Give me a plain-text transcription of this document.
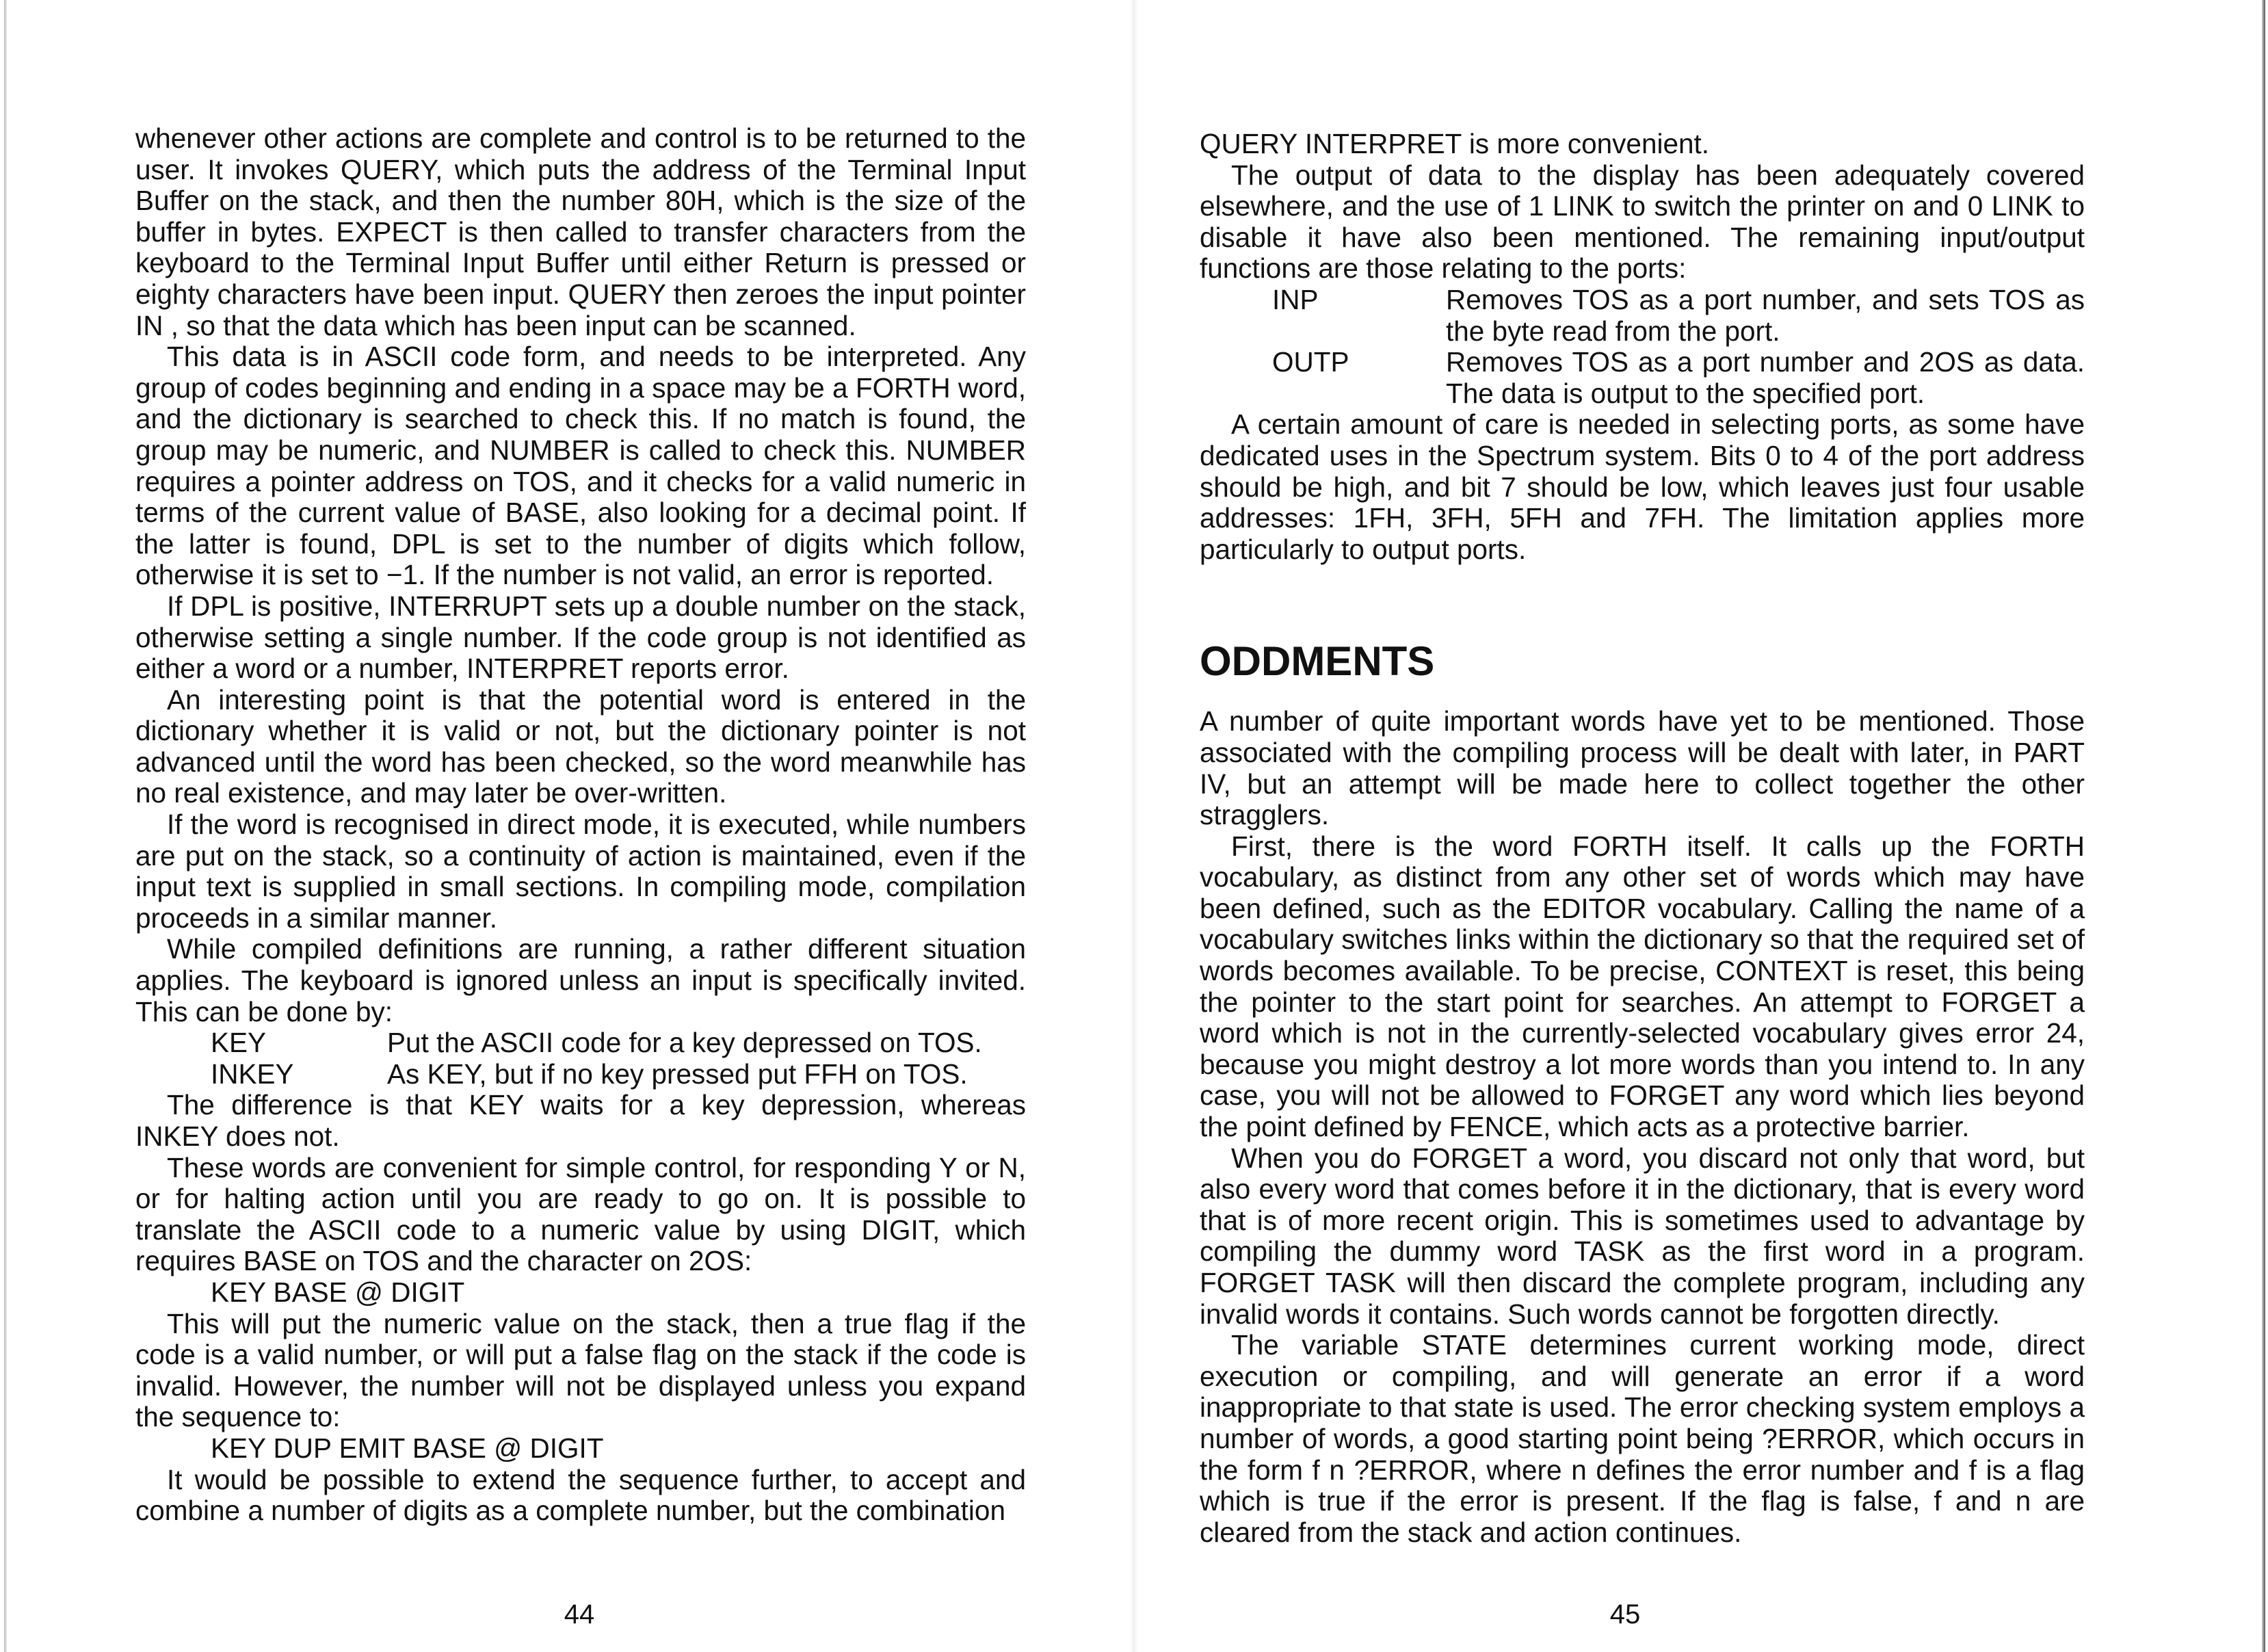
whenever other actions are complete and control is to be returned to the user. It invokes QUERY, which puts the address of the Terminal Input Buffer on the stack, and then the number 80H, which is the size of the buffer in bytes. EXPECT is then called to transfer characters from the keyboard to the Terminal Input Buffer until either Return is pressed or eighty characters have been input. QUERY then zeroes the input pointer IN , so that the data which has been input can be scanned.

This data is in ASCII code form, and needs to be interpreted. Any group of codes beginning and ending in a space may be a FORTH word, and the dictionary is searched to check this. If no match is found, the group may be numeric, and NUMBER is called to check this. NUMBER requires a pointer address on TOS, and it checks for a valid numeric in terms of the current value of BASE, also looking for a decimal point. If the latter is found, DPL is set to the number of digits which follow, otherwise it is set to −1. If the number is not valid, an error is reported.

If DPL is positive, INTERRUPT sets up a double number on the stack, otherwise setting a single number. If the code group is not identified as either a word or a number, INTERPRET reports error.

An interesting point is that the potential word is entered in the dictionary whether it is valid or not, but the dictionary pointer is not advanced until the word has been checked, so the word meanwhile has no real existence, and may later be over-written.

If the word is recognised in direct mode, it is executed, while numbers are put on the stack, so a continuity of action is maintained, even if the input text is supplied in small sections. In compiling mode, compilation proceeds in a similar manner.

While compiled definitions are running, a rather different situation applies. The keyboard is ignored unless an input is specifically invited. This can be done by:

KEY	Put the ASCII code for a key depressed on TOS.
INKEY	As KEY, but if no key pressed put FFH on TOS.

The difference is that KEY waits for a key depression, whereas INKEY does not.

These words are convenient for simple control, for responding Y or N, or for halting action until you are ready to go on. It is possible to translate the ASCII code to a numeric value by using DIGIT, which requires BASE on TOS and the character on 2OS:

KEY BASE @ DIGIT

This will put the numeric value on the stack, then a true flag if the code is a valid number, or will put a false flag on the stack if the code is invalid. However, the number will not be displayed unless you expand the sequence to:

KEY DUP EMIT BASE @ DIGIT

It would be possible to extend the sequence further, to accept and combine a number of digits as a complete number, but the combination

44

QUERY INTERPRET is more convenient.

The output of data to the display has been adequately covered elsewhere, and the use of 1 LINK to switch the printer on and 0 LINK to disable it have also been mentioned. The remaining input/output functions are those relating to the ports:

INP	Removes TOS as a port number, and sets TOS as the byte read from the port.
OUTP	Removes TOS as a port number and 2OS as data. The data is output to the specified port.

A certain amount of care is needed in selecting ports, as some have dedicated uses in the Spectrum system. Bits 0 to 4 of the port address should be high, and bit 7 should be low, which leaves just four usable addresses: 1FH, 3FH, 5FH and 7FH. The limitation applies more particularly to output ports.

ODDMENTS

A number of quite important words have yet to be mentioned. Those associated with the compiling process will be dealt with later, in PART IV, but an attempt will be made here to collect together the other stragglers.

First, there is the word FORTH itself. It calls up the FORTH vocabulary, as distinct from any other set of words which may have been defined, such as the EDITOR vocabulary. Calling the name of a vocabulary switches links within the dictionary so that the required set of words becomes available. To be precise, CONTEXT is reset, this being the pointer to the start point for searches. An attempt to FORGET a word which is not in the currently-selected vocabulary gives error 24, because you might destroy a lot more words than you intend to. In any case, you will not be allowed to FORGET any word which lies beyond the point defined by FENCE, which acts as a protective barrier.

When you do FORGET a word, you discard not only that word, but also every word that comes before it in the dictionary, that is every word that is of more recent origin. This is sometimes used to advantage by compiling the dummy word TASK as the first word in a program. FORGET TASK will then discard the complete program, including any invalid words it contains. Such words cannot be forgotten directly.

The variable STATE determines current working mode, direct execution or compiling, and will generate an error if a word inappropriate to that state is used. The error checking system employs a number of words, a good starting point being ?ERROR, which occurs in the form f n ?ERROR, where n defines the error number and f is a flag which is true if the error is present. If the flag is false, f and n are cleared from the stack and action continues.

45
